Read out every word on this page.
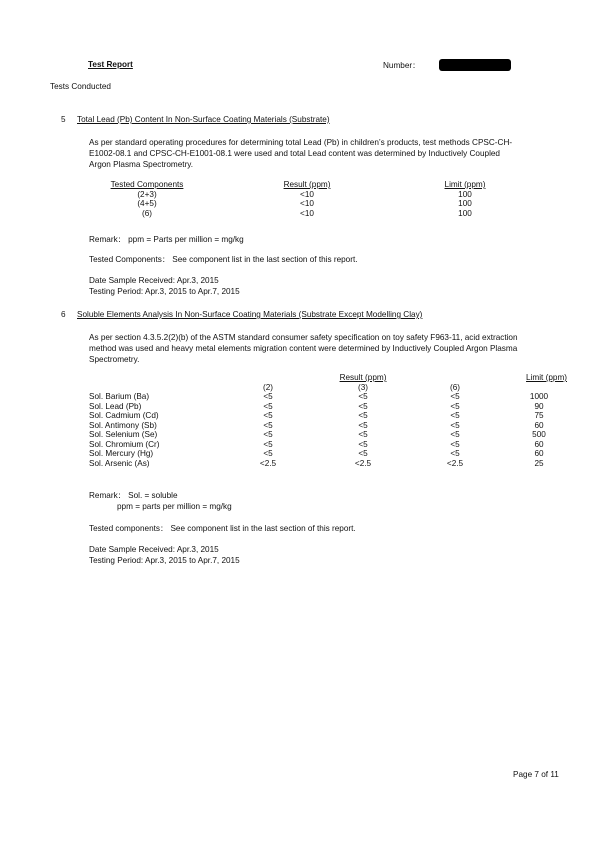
Test Report	Number：
Tests Conducted
5 Total Lead (Pb) Content In Non-Surface Coating Materials (Substrate)
As per standard operating procedures for determining total Lead (Pb) in children’s products, test methods CPSC-CH-
E1002-08.1 and CPSC-CH-E1001-08.1 were used and total Lead content was determined by Inductively Coupled
Argon Plasma Spectrometry.
Tested Components	Result (ppm)	Limit (ppm)
(2+3)	<10	100
(4+5)	<10	100
(6)	<10	100
Remark： ppm = Parts per million = mg/kg
Tested Components： See component list in the last section of this report.
Date Sample Received: Apr.3, 2015
Testing Period: Apr.3, 2015 to Apr.7, 2015
6 Soluble Elements Analysis In Non-Surface Coating Materials (Substrate Except Modelling Clay)
As per section 4.3.5.2(2)(b) of the ASTM standard consumer safety specification on toy safety F963-11, acid extraction
method was used and heavy metal elements migration content were determined by Inductively Coupled Argon Plasma
Spectrometry.
		Result (ppm)		Limit (ppm)
	(2)	(3)	(6)	
Sol. Barium (Ba)	<5	<5	<5	1000
Sol. Lead (Pb)	<5	<5	<5	90
Sol. Cadmium (Cd)	<5	<5	<5	75
Sol. Antimony (Sb)	<5	<5	<5	60
Sol. Selenium (Se)	<5	<5	<5	500
Sol. Chromium (Cr)	<5	<5	<5	60
Sol. Mercury (Hg)	<5	<5	<5	60
Sol. Arsenic (As)	<2.5	<2.5	<2.5	25
Remark： Sol. = soluble
ppm = parts per million = mg/kg
Tested components： See component list in the last section of this report.
Date Sample Received: Apr.3, 2015
Testing Period: Apr.3, 2015 to Apr.7, 2015
Page 7 of 11
